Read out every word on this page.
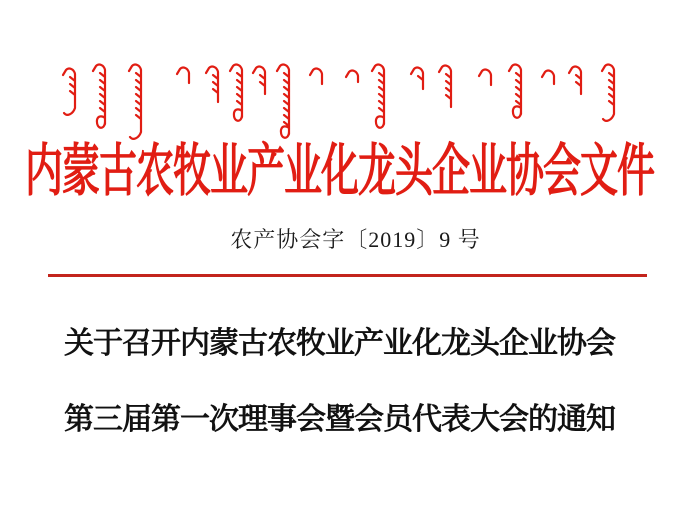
内蒙古农牧业产业化龙头企业协会文件
农产协会字〔2019〕9 号
关于召开内蒙古农牧业产业化龙头企业协会
第三届第一次理事会暨会员代表大会的通知
